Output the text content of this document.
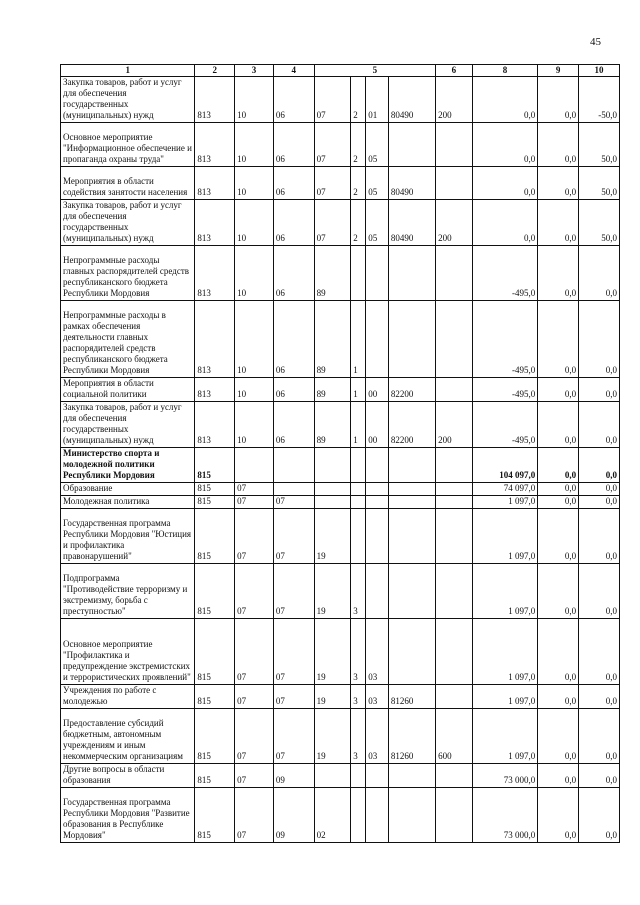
45
1	2	3	4	5				6	8	9	10
Закупка товаров, работ и услуг для обеспечения государственных (муниципальных) нужд	813	10	06	07	2	01	80490	200	0,0	0,0	-50,0
Основное мероприятие "Информационное обеспечение и пропаганда охраны труда"	813	10	06	07	2	05			0,0	0,0	50,0
Мероприятия в области содействия занятости населения	813	10	06	07	2	05	80490		0,0	0,0	50,0
Закупка товаров, работ и услуг для обеспечения государственных (муниципальных) нужд	813	10	06	07	2	05	80490	200	0,0	0,0	50,0
Непрограммные расходы главных распорядителей средств республиканского бюджета Республики Мордовия	813	10	06	89					-495,0	0,0	0,0
Непрограммные расходы в рамках обеспечения деятельности главных распорядителей средств республиканского бюджета Республики Мордовия	813	10	06	89	1				-495,0	0,0	0,0
Мероприятия в области социальной политики	813	10	06	89	1	00	82200		-495,0	0,0	0,0
Закупка товаров, работ и услуг для обеспечения государственных (муниципальных) нужд	813	10	06	89	1	00	82200	200	-495,0	0,0	0,0
Министерство спорта и молодежной политики Республики Мордовия	815								104 097,0	0,0	0,0
Образование	815	07							74 097,0	0,0	0,0
Молодежная политика	815	07	07						1 097,0	0,0	0,0
Государственная программа Республики Мордовия "Юстиция и профилактика правонарушений"	815	07	07	19					1 097,0	0,0	0,0
Подпрограмма "Противодействие терроризму и экстремизму, борьба с преступностью"	815	07	07	19	3				1 097,0	0,0	0,0
Основное мероприятие "Профилактика и предупреждение экстремистских и террористических проявлений"	815	07	07	19	3	03			1 097,0	0,0	0,0
Учреждения по работе с молодежью	815	07	07	19	3	03	81260		1 097,0	0,0	0,0
Предоставление субсидий бюджетным, автономным учреждениям и иным некоммерческим организациям	815	07	07	19	3	03	81260	600	1 097,0	0,0	0,0
Другие вопросы в области образования	815	07	09						73 000,0	0,0	0,0
Государственная программа Республики Мордовия "Развитие образования в Республике Мордовия"	815	07	09	02					73 000,0	0,0	0,0
